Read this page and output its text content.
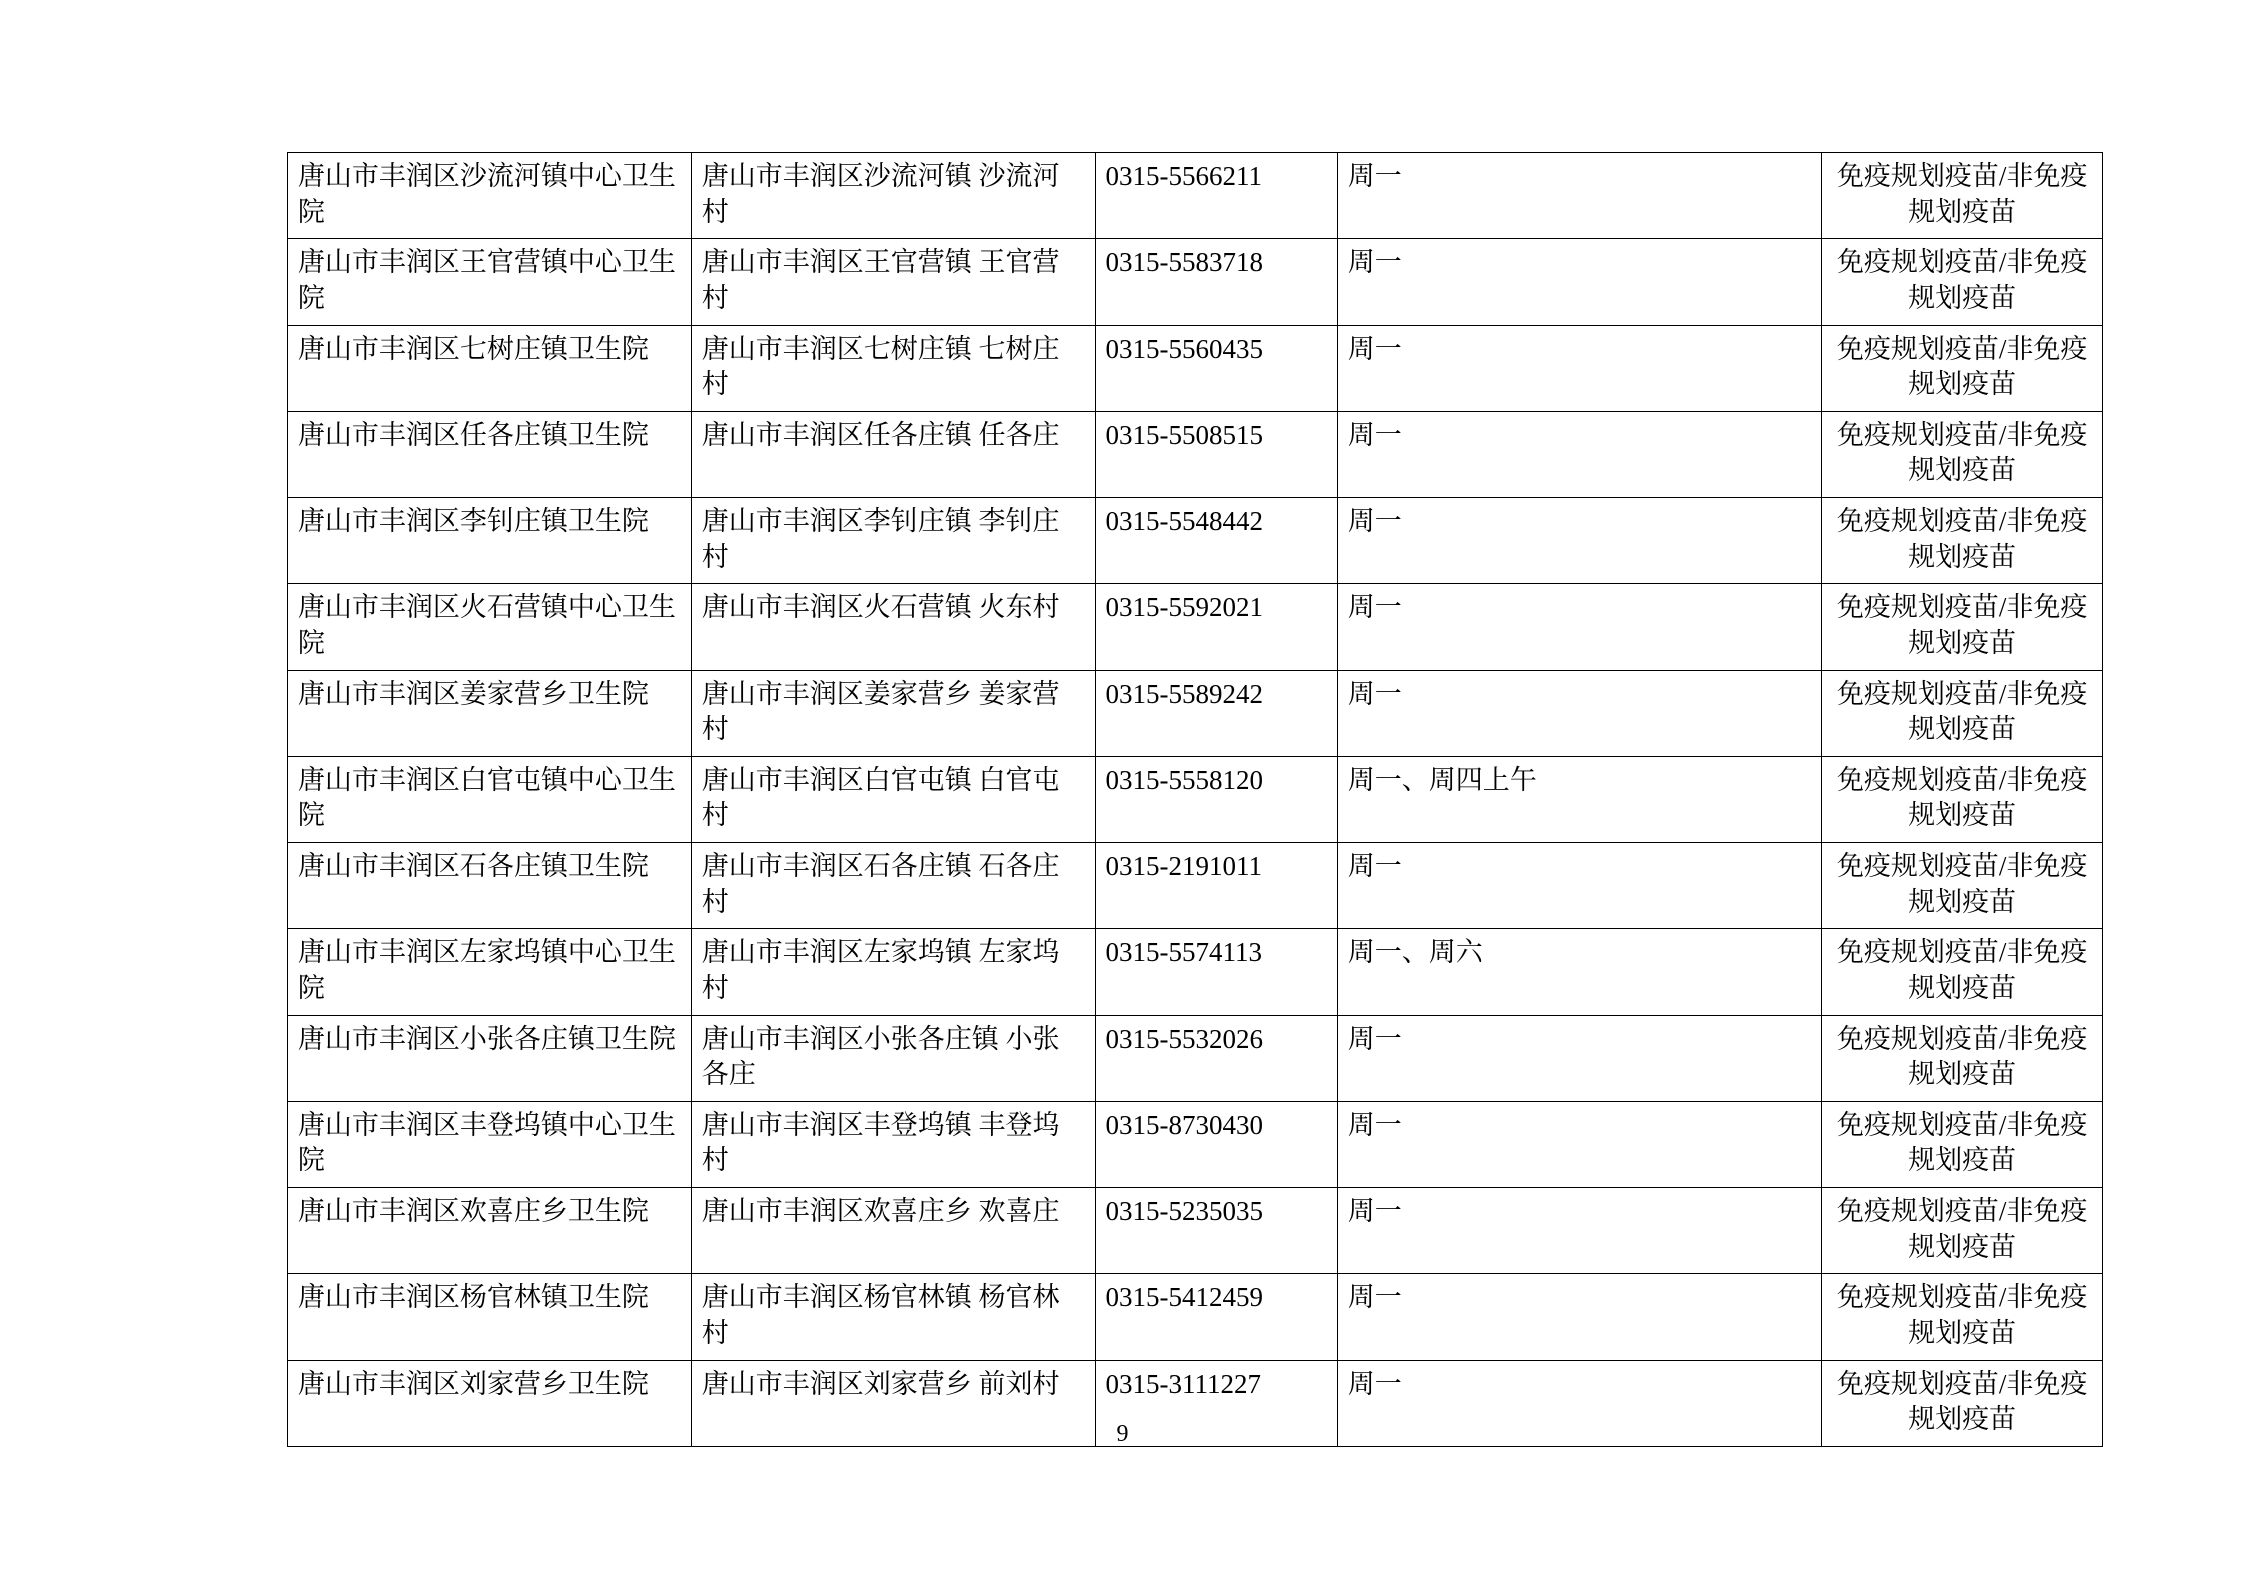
	唐山市丰润区沙流河镇中心卫生院	唐山市丰润区沙流河镇 沙流河村	0315-5566211	周一	免疫规划疫苗/非免疫规划疫苗
	唐山市丰润区王官营镇中心卫生院	唐山市丰润区王官营镇 王官营村	0315-5583718	周一	免疫规划疫苗/非免疫规划疫苗
	唐山市丰润区七树庄镇卫生院	唐山市丰润区七树庄镇 七树庄村	0315-5560435	周一	免疫规划疫苗/非免疫规划疫苗
	唐山市丰润区任各庄镇卫生院	唐山市丰润区任各庄镇 任各庄	0315-5508515	周一	免疫规划疫苗/非免疫规划疫苗
	唐山市丰润区李钊庄镇卫生院	唐山市丰润区李钊庄镇 李钊庄村	0315-5548442	周一	免疫规划疫苗/非免疫规划疫苗
	唐山市丰润区火石营镇中心卫生院	唐山市丰润区火石营镇 火东村	0315-5592021	周一	免疫规划疫苗/非免疫规划疫苗
	唐山市丰润区姜家营乡卫生院	唐山市丰润区姜家营乡 姜家营村	0315-5589242	周一	免疫规划疫苗/非免疫规划疫苗
	唐山市丰润区白官屯镇中心卫生院	唐山市丰润区白官屯镇 白官屯村	0315-5558120	周一、周四上午	免疫规划疫苗/非免疫规划疫苗
	唐山市丰润区石各庄镇卫生院	唐山市丰润区石各庄镇 石各庄村	0315-2191011	周一	免疫规划疫苗/非免疫规划疫苗
	唐山市丰润区左家坞镇中心卫生院	唐山市丰润区左家坞镇 左家坞村	0315-5574113	周一、周六	免疫规划疫苗/非免疫规划疫苗
	唐山市丰润区小张各庄镇卫生院	唐山市丰润区小张各庄镇 小张各庄	0315-5532026	周一	免疫规划疫苗/非免疫规划疫苗
	唐山市丰润区丰登坞镇中心卫生院	唐山市丰润区丰登坞镇 丰登坞村	0315-8730430	周一	免疫规划疫苗/非免疫规划疫苗
	唐山市丰润区欢喜庄乡卫生院	唐山市丰润区欢喜庄乡 欢喜庄	0315-5235035	周一	免疫规划疫苗/非免疫规划疫苗
	唐山市丰润区杨官林镇卫生院	唐山市丰润区杨官林镇 杨官林村	0315-5412459	周一	免疫规划疫苗/非免疫规划疫苗
	唐山市丰润区刘家营乡卫生院	唐山市丰润区刘家营乡 前刘村	0315-3111227	周一	免疫规划疫苗/非免疫规划疫苗
9
